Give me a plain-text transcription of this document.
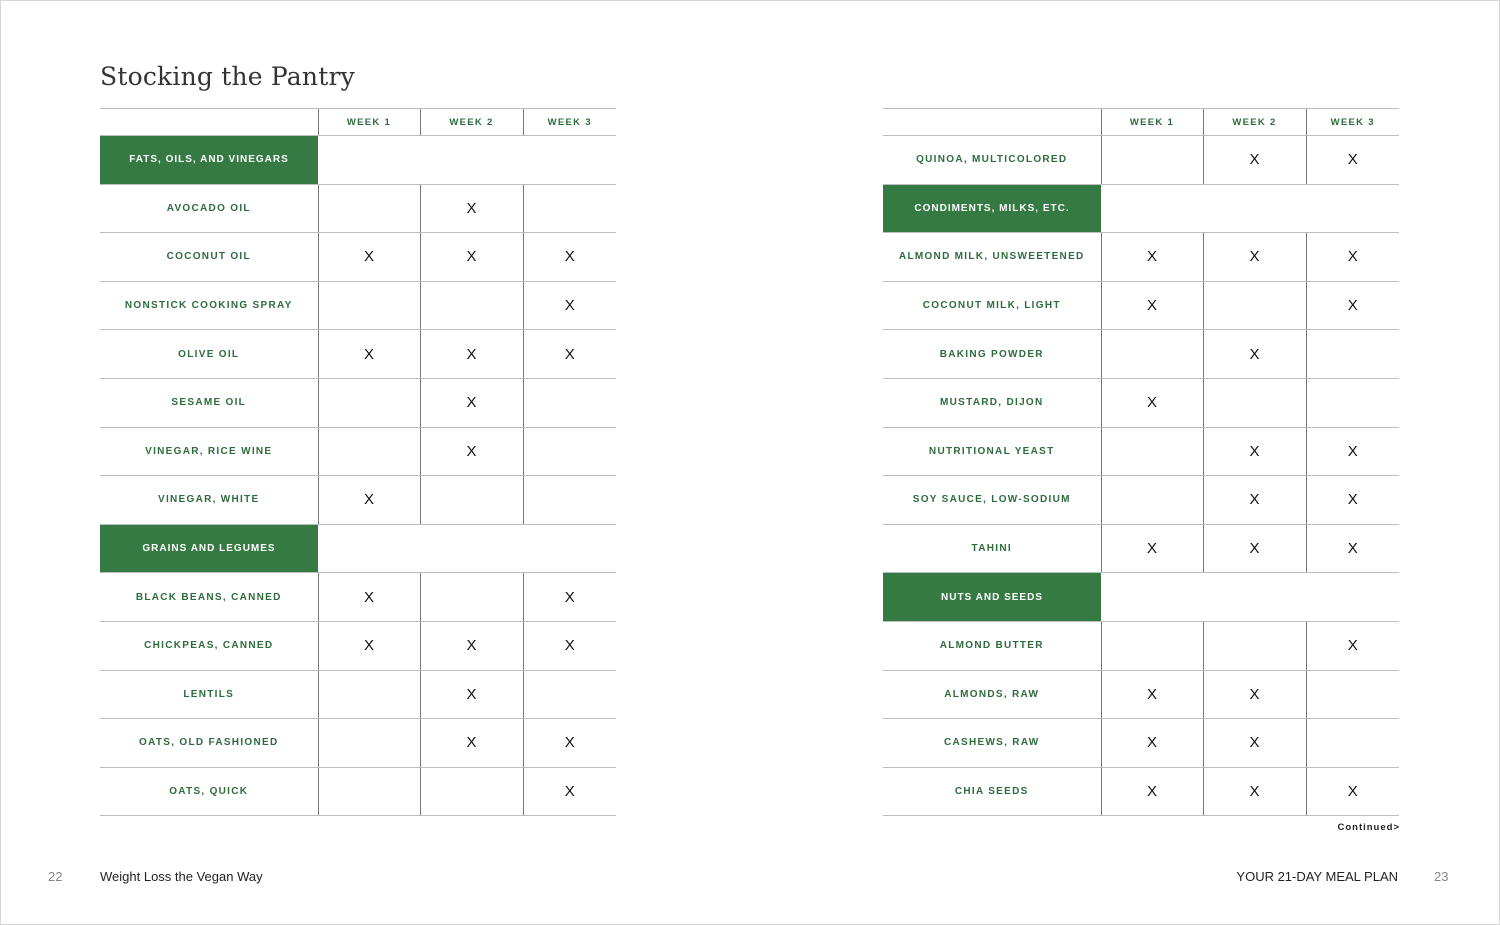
Stocking the Pantry
	WEEK 1	WEEK 2	WEEK 3
FATS, OILS, AND VINEGARS			
AVOCADO OIL		X	
COCONUT OIL	X	X	X
NONSTICK COOKING SPRAY			X
OLIVE OIL	X	X	X
SESAME OIL		X	
VINEGAR, RICE WINE		X	
VINEGAR, WHITE	X		
GRAINS AND LEGUMES			
BLACK BEANS, CANNED	X		X
CHICKPEAS, CANNED	X	X	X
LENTILS		X	
OATS, OLD FASHIONED		X	X
OATS, QUICK			X
	WEEK 1	WEEK 2	WEEK 3
QUINOA, MULTICOLORED		X	X
CONDIMENTS, MILKS, ETC.			
ALMOND MILK, UNSWEETENED	X	X	X
COCONUT MILK, LIGHT	X		X
BAKING POWDER		X	
MUSTARD, DIJON	X		
NUTRITIONAL YEAST		X	X
SOY SAUCE, LOW-SODIUM		X	X
TAHINI	X	X	X
NUTS AND SEEDS			
ALMOND BUTTER			X
ALMONDS, RAW	X	X	
CASHEWS, RAW	X	X	
CHIA SEEDS	X	X	X
Continued>
22	Weight Loss the Vegan Way	YOUR 21-DAY MEAL PLAN	23
